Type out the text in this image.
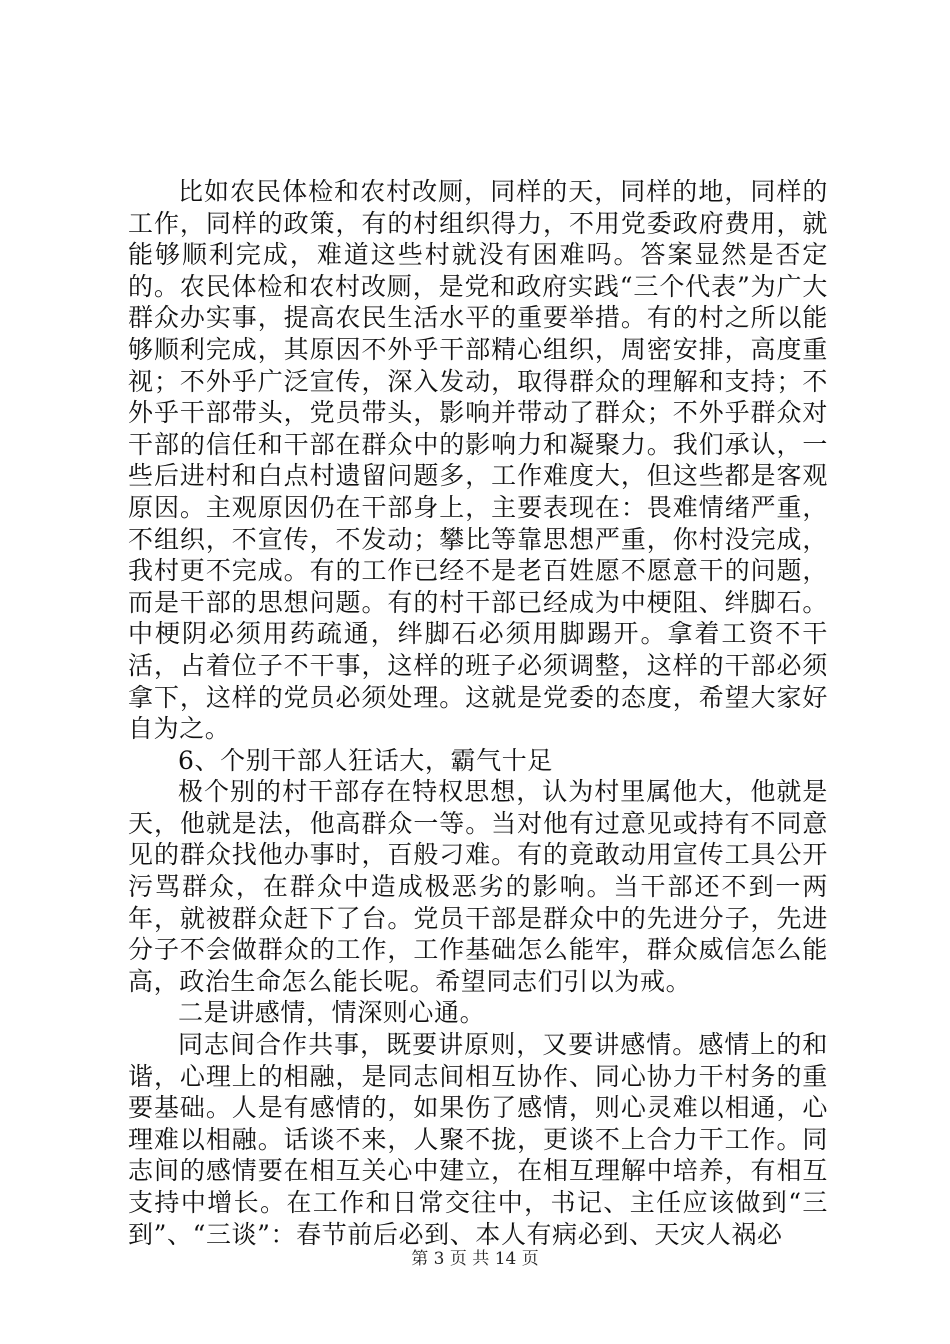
比如农民体检和农村改厕，同样的天，同样的地，同样的工作，同样的政策，有的村组织得力，不用党委政府费用，就能够顺利完成，难道这些村就没有困难吗。答案显然是否定的。农民体检和农村改厕，是党和政府实践“三个代表”为广大群众办实事，提高农民生活水平的重要举措。有的村之所以能够顺利完成，其原因不外乎干部精心组织，周密安排，高度重视；不外乎广泛宣传，深入发动，取得群众的理解和支持；不外乎干部带头，党员带头，影响并带动了群众；不外乎群众对干部的信任和干部在群众中的影响力和凝聚力。我们承认，一些后进村和白点村遗留问题多，工作难度大，但这些都是客观原因。主观原因仍在干部身上，主要表现在：畏难情绪严重，不组织，不宣传，不发动；攀比等靠思想严重，你村没完成，我村更不完成。有的工作已经不是老百姓愿不愿意干的问题，而是干部的思想问题。有的村干部已经成为中梗阻、绊脚石。中梗阴必须用药疏通，绊脚石必须用脚踢开。拿着工资不干活，占着位子不干事，这样的班子必须调整，这样的干部必须拿下，这样的党员必须处理。这就是党委的态度，希望大家好自为之。

6、个别干部人狂话大，霸气十足

极个别的村干部存在特权思想，认为村里属他大，他就是天，他就是法，他高群众一等。当对他有过意见或持有不同意见的群众找他办事时，百般刁难。有的竟敢动用宣传工具公开污骂群众，在群众中造成极恶劣的影响。当干部还不到一两年，就被群众赶下了台。党员干部是群众中的先进分子，先进分子不会做群众的工作，工作基础怎么能牢，群众威信怎么能高，政治生命怎么能长呢。希望同志们引以为戒。

二是讲感情，情深则心通。

同志间合作共事，既要讲原则，又要讲感情。感情上的和谐，心理上的相融，是同志间相互协作、同心协力干村务的重要基础。人是有感情的，如果伤了感情，则心灵难以相通，心理难以相融。话谈不来，人聚不拢，更谈不上合力干工作。同志间的感情要在相互关心中建立，在相互理解中培养，有相互支持中增长。在工作和日常交往中，书记、主任应该做到“三到”、“三谈”：春节前后必到、本人有病必到、天灾人祸必

第 3 页 共 14 页
